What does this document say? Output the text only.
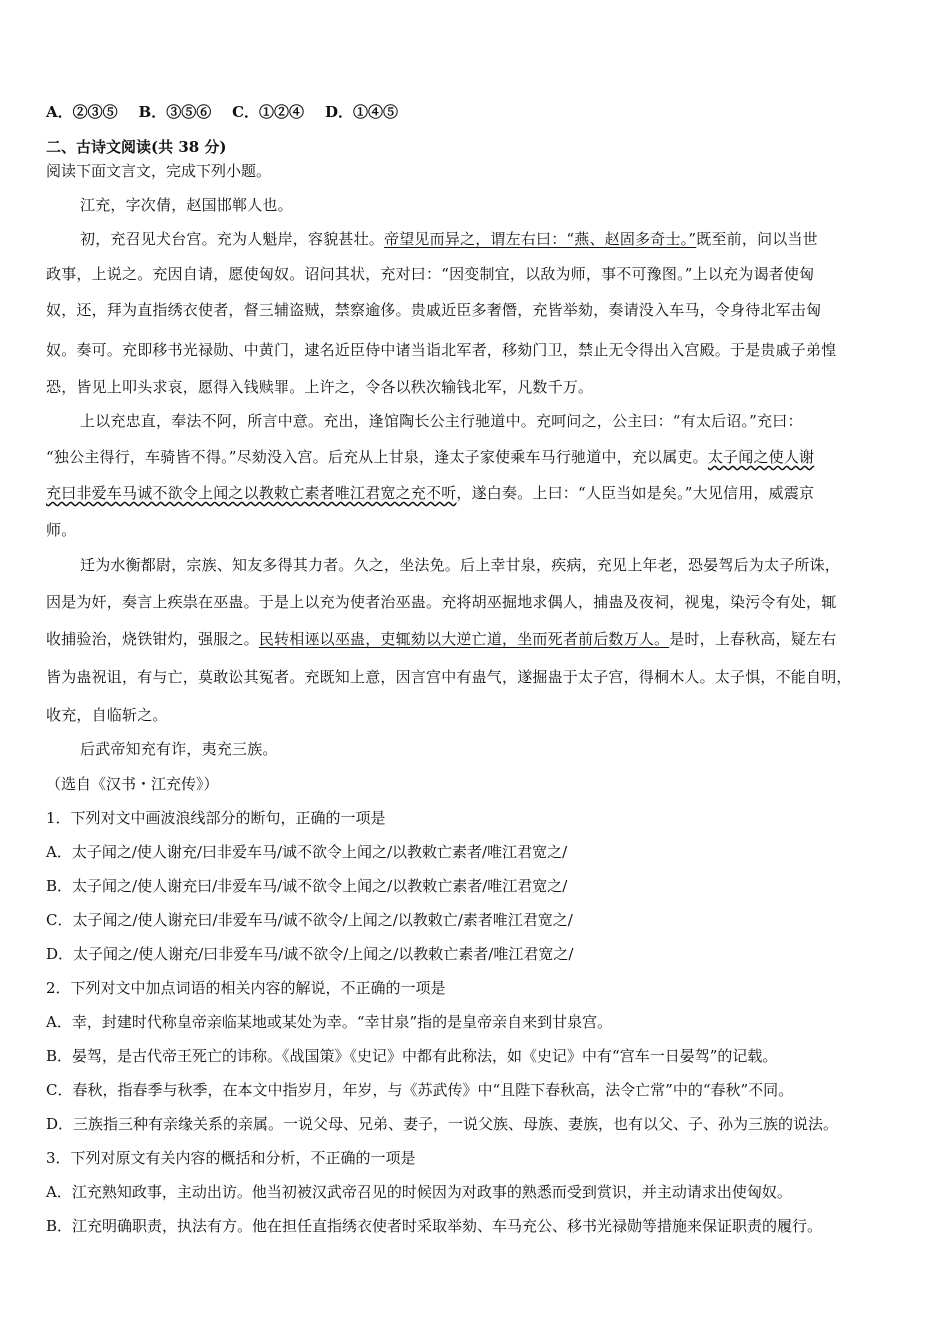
A．②③⑤ B．③⑤⑥ C．①②④ D．①④⑤
二、古诗文阅读(共 38 分)
阅读下面文言文，完成下列小题。
江充，字次倩，赵国邯郸人也。
初，充召见犬台宫。充为人魁岸，容貌甚壮。帝望见而异之，谓左右曰：“燕、赵固多奇士。”既至前，问以当世
政事，上说之。充因自请，愿使匈奴。诏问其状，充对曰：“因变制宜，以敌为师，事不可豫图。”上以充为谒者使匈
奴，还，拜为直指绣衣使者，督三辅盗贼，禁察逾侈。贵戚近臣多奢僭，充皆举劾，奏请没入车马，令身待北军击匈
奴。奏可。充即移书光禄勋、中黄门，逮名近臣侍中诸当诣北军者，移劾门卫，禁止无令得出入宫殿。于是贵戚子弟惶
恐，皆见上叩头求哀，愿得入钱赎罪。上许之，令各以秩次输钱北军，凡数千万。
上以充忠直，奉法不阿，所言中意。充出，逢馆陶长公主行驰道中。充呵问之，公主曰：“有太后诏。”充曰：
“独公主得行，车骑皆不得。”尽劾没入宫。后充从上甘泉，逢太子家使乘车马行驰道中，充以属吏。太子闻之使人谢
充曰非爱车马诚不欲令上闻之以教敕亡素者唯江君宽之充不听，遂白奏。上曰：“人臣当如是矣。”大见信用，威震京
师。
迁为水衡都尉，宗族、知友多得其力者。久之，坐法免。后上幸甘泉，疾病，充见上年老，恐晏驾后为太子所诛，
因是为奸，奏言上疾祟在巫蛊。于是上以充为使者治巫蛊。充将胡巫掘地求偶人，捕蛊及夜祠，视鬼，染污令有处，辄
收捕验治，烧铁钳灼，强服之。民转相诬以巫蛊，吏辄劾以大逆亡道，坐而死者前后数万人。是时，上春秋高，疑左右
皆为蛊祝诅，有与亡，莫敢讼其冤者。充既知上意，因言宫中有蛊气，遂掘蛊于太子宫，得桐木人。太子惧，不能自明，
收充，自临斩之。
后武帝知充有诈，夷充三族。
（选自《汉书・江充传》）
1．下列对文中画波浪线部分的断句，正确的一项是
A．太子闻之/使人谢充/曰非爱车马/诚不欲令上闻之/以教敕亡素者/唯江君宽之/
B．太子闻之/使人谢充曰/非爱车马/诚不欲令上闻之/以教敕亡素者/唯江君宽之/
C．太子闻之/使人谢充曰/非爱车马/诚不欲令/上闻之/以教敕亡/素者唯江君宽之/
D．太子闻之/使人谢充/曰非爱车马/诚不欲令/上闻之/以教敕亡素者/唯江君宽之/
2．下列对文中加点词语的相关内容的解说，不正确的一项是
A．幸，封建时代称皇帝亲临某地或某处为幸。“幸甘泉”指的是皇帝亲自来到甘泉宫。
B．晏驾，是古代帝王死亡的讳称。《战国策》《史记》中都有此称法，如《史记》中有“宫车一日晏驾”的记载。
C．春秋，指春季与秋季，在本文中指岁月，年岁，与《苏武传》中“且陛下春秋高，法令亡常”中的“春秋”不同。
D．三族指三种有亲缘关系的亲属。一说父母、兄弟、妻子，一说父族、母族、妻族，也有以父、子、孙为三族的说法。
3．下列对原文有关内容的概括和分析，不正确的一项是
A．江充熟知政事，主动出访。他当初被汉武帝召见的时候因为对政事的熟悉而受到赏识，并主动请求出使匈奴。
B．江充明确职责，执法有方。他在担任直指绣衣使者时采取举劾、车马充公、移书光禄勋等措施来保证职责的履行。
